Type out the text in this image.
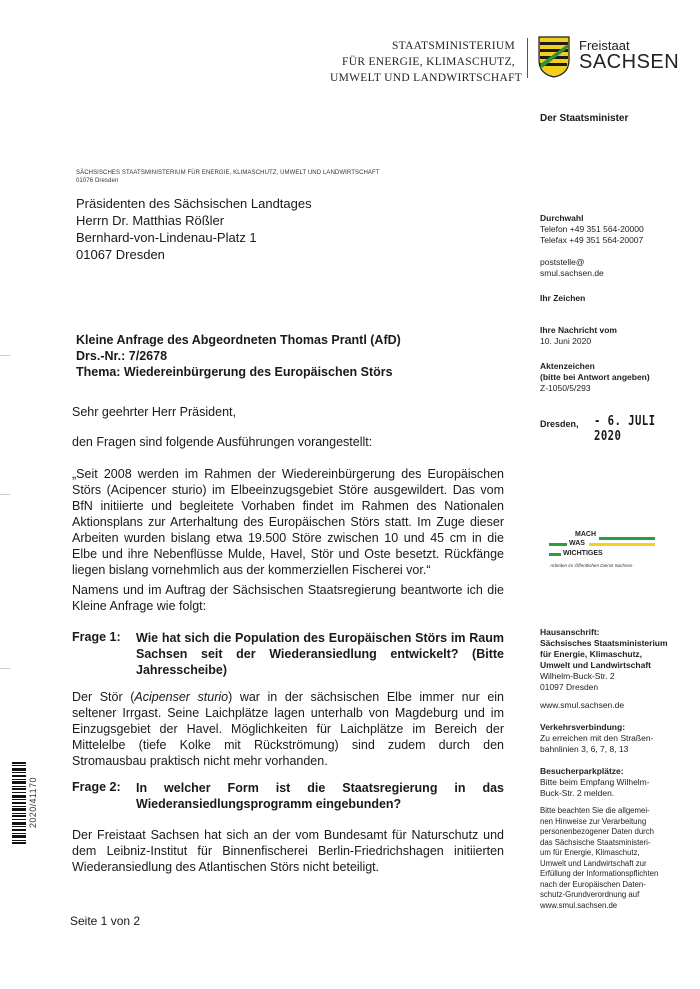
STAATSMINISTERIUM
FÜR ENERGIE, KLIMASCHUTZ,
UMWELT UND LANDWIRTSCHAFT
Freistaat
SACHSEN
Der Staatsminister
SÄCHSISCHES STAATSMINISTERIUM FÜR ENERGIE, KLIMASCHUTZ, UMWELT UND LANDWIRTSCHAFT
01076 Dresden
Präsidenten des Sächsischen Landtages
Herrn Dr. Matthias Rößler
Bernhard-von-Lindenau-Platz 1
01067 Dresden
Durchwahl
Telefon +49 351 564-20000
Telefax +49 351 564-20007
poststelle@
smul.sachsen.de
Ihr Zeichen
Ihre Nachricht vom
10. Juni 2020
Aktenzeichen
(bitte bei Antwort angeben)
Z-1050/5/293
Dresden, - 6. JULI 2020
MACH
WAS
WICHTIGES
Arbeiten im Öffentlichen Dienst Sachsen
Hausanschrift:
Sächsisches Staatsministerium
für Energie, Klimaschutz,
Umwelt und Landwirtschaft
Wilhelm-Buck-Str. 2
01097 Dresden
www.smul.sachsen.de
Verkehrsverbindung:
Zu erreichen mit den Straßen-
bahnlinien 3, 6, 7, 8, 13
Besucherparkplätze:
Bitte beim Empfang Wilhelm-
Buck-Str. 2 melden.
Bitte beachten Sie die allgemei-
nen Hinweise zur Verarbeitung
personenbezogener Daten durch
das Sächsische Staatsministeri-
um für Energie, Klimaschutz,
Umwelt und Landwirtschaft zur
Erfüllung der Informationspflichten
nach der Europäischen Daten-
schutz-Grundverordnung auf
www.smul.sachsen.de
Kleine Anfrage des Abgeordneten Thomas Prantl (AfD)
Drs.-Nr.: 7/2678
Thema: Wiedereinbürgerung des Europäischen Störs
Sehr geehrter Herr Präsident,
den Fragen sind folgende Ausführungen vorangestellt:
„Seit 2008 werden im Rahmen der Wiedereinbürgerung des Europäischen Störs (Acipencer sturio) im Elbeeinzugsgebiet Störe ausgewildert. Das vom BfN initiierte und begleitete Vorhaben findet im Rahmen des Nationalen Aktionsplans zur Arterhaltung des Europäischen Störs statt. Im Zuge dieser Arbeiten wurden bislang etwa 19.500 Störe zwischen 10 und 45 cm in die Elbe und ihre Nebenflüsse Mulde, Havel, Stör und Oste besetzt. Rückfänge liegen bislang vornehmlich aus der kommerziellen Fischerei vor.“
Namens und im Auftrag der Sächsischen Staatsregierung beantworte ich die Kleine Anfrage wie folgt:
Frage 1: Wie hat sich die Population des Europäischen Störs im Raum Sachsen seit der Wiederansiedlung entwickelt? (Bitte Jahresscheibe)
Der Stör (Acipenser sturio) war in der sächsischen Elbe immer nur ein seltener Irrgast. Seine Laichplätze lagen unterhalb von Magdeburg und im Einzugsgebiet der Havel. Möglichkeiten für Laichplätze im Bereich der Mittelelbe (tiefe Kolke mit Rückströmung) sind zudem durch den Stromausbau praktisch nicht mehr vorhanden.
Frage 2: In welcher Form ist die Staatsregierung in das Wiederansiedlungsprogramm eingebunden?
Der Freistaat Sachsen hat sich an der vom Bundesamt für Naturschutz und dem Leibniz-Institut für Binnenfischerei Berlin-Friedrichshagen initiierten Wiederansiedlung des Atlantischen Störs nicht beteiligt.
2020/41170
Seite 1 von 2
